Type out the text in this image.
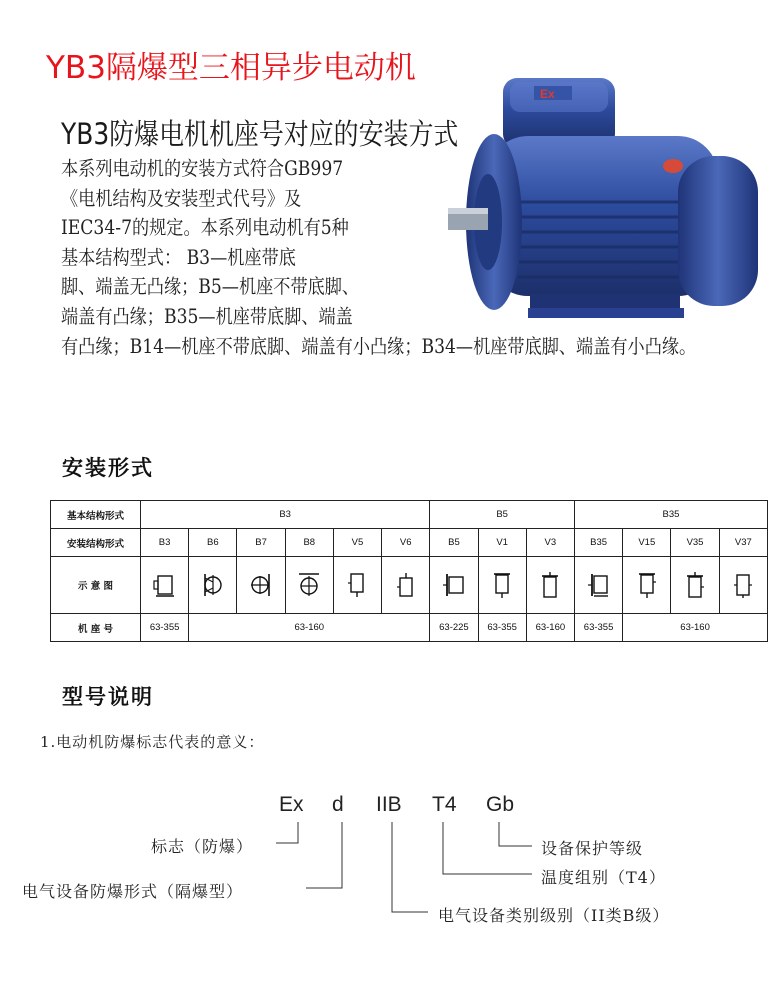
YB3隔爆型三相异步电动机
Ex
YB3防爆电机机座号对应的安装方式
本系列电动机的安装方式符合GB997
《电机结构及安装型式代号》及
IEC34-7的规定。本系列电动机有5种
基本结构型式： B3—机座带底
脚、端盖无凸缘；B5—机座不带底脚、
端盖有凸缘；B35—机座带底脚、端盖
有凸缘；B14—机座不带底脚、端盖有小凸缘；B34—机座带底脚、端盖有小凸缘。
安装形式
基本结构形式	B3						B5			B35			
安装结构形式	B3	B6	B7	B8	V5	V6	B5	V1	V3	B35	V15	V35	V37
示 意 图	

机 座 号	63-355	63-160					63-225	63-355	63-160	63-355	63-160		
型号说明
1.电动机防爆标志代表的意义：
Ex d IIB T4 Gb
标志（防爆）
电气设备防爆形式（隔爆型）
电气设备类别级别（II类B级）
温度组别（T4）
设备保护等级
